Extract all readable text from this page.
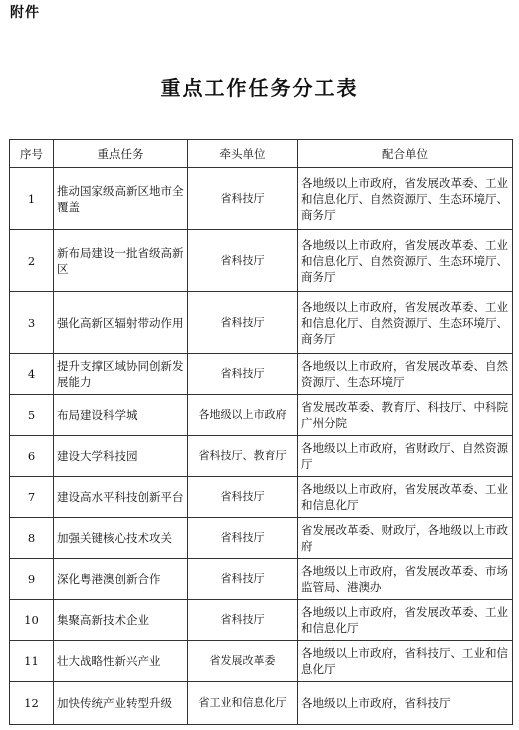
附件
重点工作任务分工表
序号	重点任务	牵头单位	配合单位
1	推动国家级高新区地市全覆盖	省科技厅	各地级以上市政府，省发展改革委、工业和信息化厅、自然资源厅、生态环境厅、商务厅
2	新布局建设一批省级高新区	省科技厅	各地级以上市政府，省发展改革委、工业和信息化厅、自然资源厅、生态环境厅、商务厅
3	强化高新区辐射带动作用	省科技厅	各地级以上市政府，省发展改革委、工业和信息化厅、自然资源厅、生态环境厅、商务厅
4	提升支撑区域协同创新发展能力	省科技厅	各地级以上市政府，省发展改革委、自然资源厅、生态环境厅
5	布局建设科学城	各地级以上市政府	省发展改革委、教育厅、科技厅、中科院广州分院
6	建设大学科技园	省科技厅、教育厅	各地级以上市政府，省财政厅、自然资源厅
7	建设高水平科技创新平台	省科技厅	各地级以上市政府，省发展改革委、工业和信息化厅
8	加强关键核心技术攻关	省科技厅	省发展改革委、财政厅，各地级以上市政府
9	深化粤港澳创新合作	省科技厅	各地级以上市政府，省发展改革委、市场监管局、港澳办
10	集聚高新技术企业	省科技厅	各地级以上市政府，省发展改革委、工业和信息化厅
11	壮大战略性新兴产业	省发展改革委	各地级以上市政府，省科技厅、工业和信息化厅
12	加快传统产业转型升级	省工业和信息化厅	各地级以上市政府，省科技厅
